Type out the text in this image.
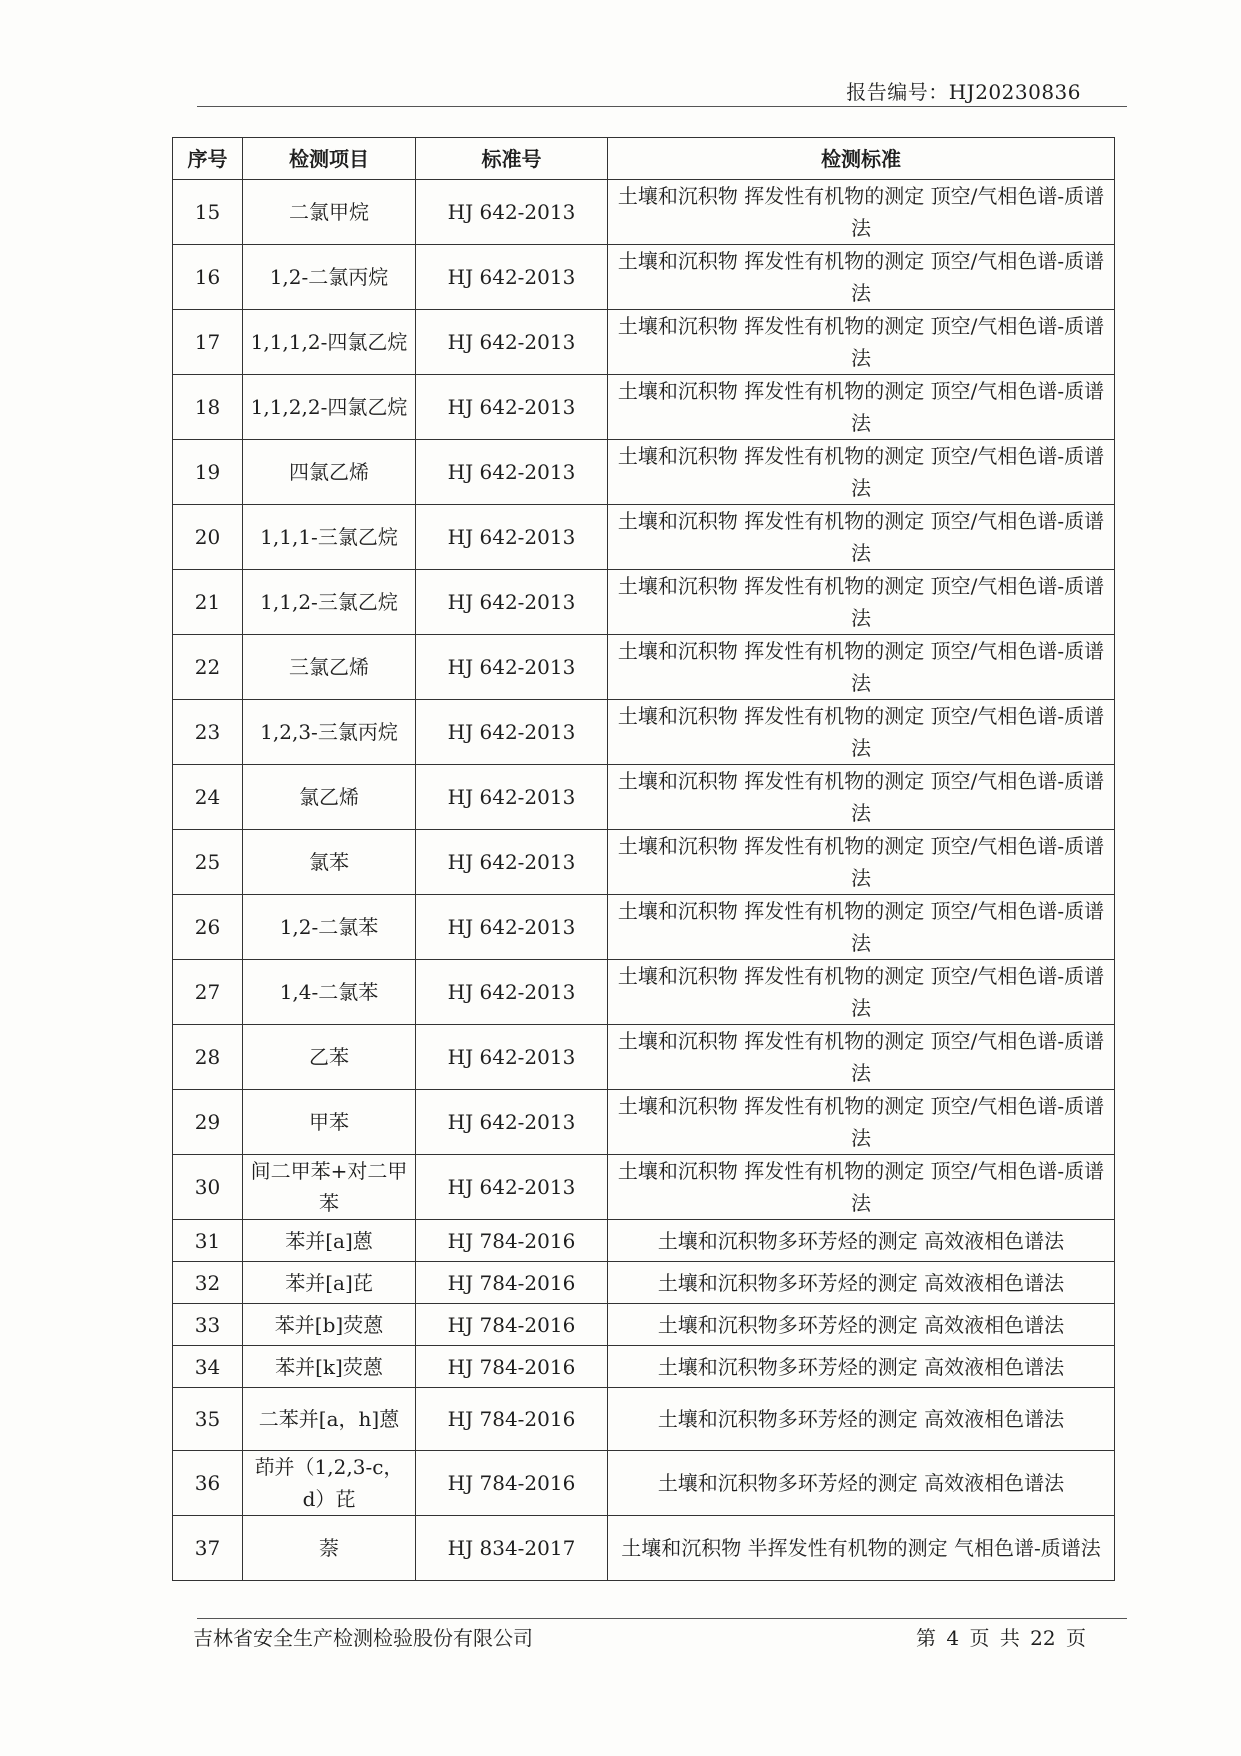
报告编号：HJ20230836
序号	检测项目	标准号	检测标准
15	二氯甲烷	HJ 642-2013	土壤和沉积物 挥发性有机物的测定 顶空/气相色谱-质谱法
16	1,2-二氯丙烷	HJ 642-2013	土壤和沉积物 挥发性有机物的测定 顶空/气相色谱-质谱法
17	1,1,1,2-四氯乙烷	HJ 642-2013	土壤和沉积物 挥发性有机物的测定 顶空/气相色谱-质谱法
18	1,1,2,2-四氯乙烷	HJ 642-2013	土壤和沉积物 挥发性有机物的测定 顶空/气相色谱-质谱法
19	四氯乙烯	HJ 642-2013	土壤和沉积物 挥发性有机物的测定 顶空/气相色谱-质谱法
20	1,1,1-三氯乙烷	HJ 642-2013	土壤和沉积物 挥发性有机物的测定 顶空/气相色谱-质谱法
21	1,1,2-三氯乙烷	HJ 642-2013	土壤和沉积物 挥发性有机物的测定 顶空/气相色谱-质谱法
22	三氯乙烯	HJ 642-2013	土壤和沉积物 挥发性有机物的测定 顶空/气相色谱-质谱法
23	1,2,3-三氯丙烷	HJ 642-2013	土壤和沉积物 挥发性有机物的测定 顶空/气相色谱-质谱法
24	氯乙烯	HJ 642-2013	土壤和沉积物 挥发性有机物的测定 顶空/气相色谱-质谱法
25	氯苯	HJ 642-2013	土壤和沉积物 挥发性有机物的测定 顶空/气相色谱-质谱法
26	1,2-二氯苯	HJ 642-2013	土壤和沉积物 挥发性有机物的测定 顶空/气相色谱-质谱法
27	1,4-二氯苯	HJ 642-2013	土壤和沉积物 挥发性有机物的测定 顶空/气相色谱-质谱法
28	乙苯	HJ 642-2013	土壤和沉积物 挥发性有机物的测定 顶空/气相色谱-质谱法
29	甲苯	HJ 642-2013	土壤和沉积物 挥发性有机物的测定 顶空/气相色谱-质谱法
30	间二甲苯+对二甲苯	HJ 642-2013	土壤和沉积物 挥发性有机物的测定 顶空/气相色谱-质谱法
31	苯并[a]蒽	HJ 784-2016	土壤和沉积物多环芳烃的测定 高效液相色谱法
32	苯并[a]芘	HJ 784-2016	土壤和沉积物多环芳烃的测定 高效液相色谱法
33	苯并[b]荧蒽	HJ 784-2016	土壤和沉积物多环芳烃的测定 高效液相色谱法
34	苯并[k]荧蒽	HJ 784-2016	土壤和沉积物多环芳烃的测定 高效液相色谱法
35	二苯并[a，h]蒽	HJ 784-2016	土壤和沉积物多环芳烃的测定 高效液相色谱法
36	茚并（1,2,3-c，d）芘	HJ 784-2016	土壤和沉积物多环芳烃的测定 高效液相色谱法
37	萘	HJ 834-2017	土壤和沉积物 半挥发性有机物的测定 气相色谱-质谱法
吉林省安全生产检测检验股份有限公司	第 4 页 共 22 页
